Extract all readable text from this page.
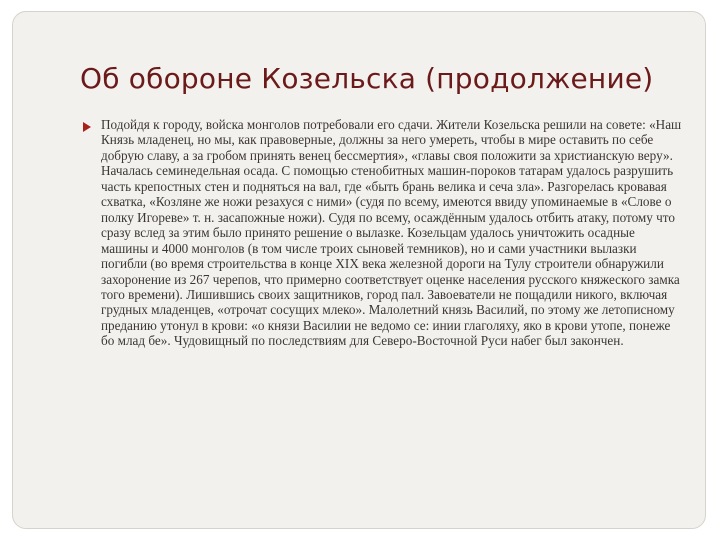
Об обороне Козельска (продолжение)

Подойдя к городу, войска монголов потребовали его сдачи. Жители Козельска решили на совете: «Наш Князь младенец, но мы, как правоверные, должны за него умереть, чтобы в мире оставить по себе добрую славу, а за гробом принять венец бессмертия», «главы своя положити за христианскую веру». Началась семинедельная осада. С помощью стенобитных машин-пороков татарам удалось разрушить часть крепостных стен и подняться на вал, где «быть брань велика и сеча зла». Разгорелась кровавая схватка, «Козляне же ножи резахуся с ними» (судя по всему, имеются ввиду упоминаемые в «Слове о полку Игореве» т. н. засапожные ножи). Судя по всему, осаждённым удалось отбить атаку, потому что сразу вслед за этим было принято решение о вылазке. Козельцам удалось уничтожить осадные машины и 4000 монголов (в том числе троих сыновей темников), но и сами участники вылазки погибли (во время строительства в конце XIX века железной дороги на Тулу строители обнаружили захоронение из 267 черепов, что примерно соответствует оценке населения русского княжеского замка того времени). Лишившись своих защитников, город пал. Завоеватели не пощадили никого, включая грудных младенцев, «отрочат сосущих млеко». Малолетний князь Василий, по этому же летописному преданию утонул в крови: «о князи Василии не ведомо се: инии глаголяху, яко в крови утопе, понеже бо млад бе». Чудовищный по последствиям для Северо-Восточной Руси набег был закончен.
